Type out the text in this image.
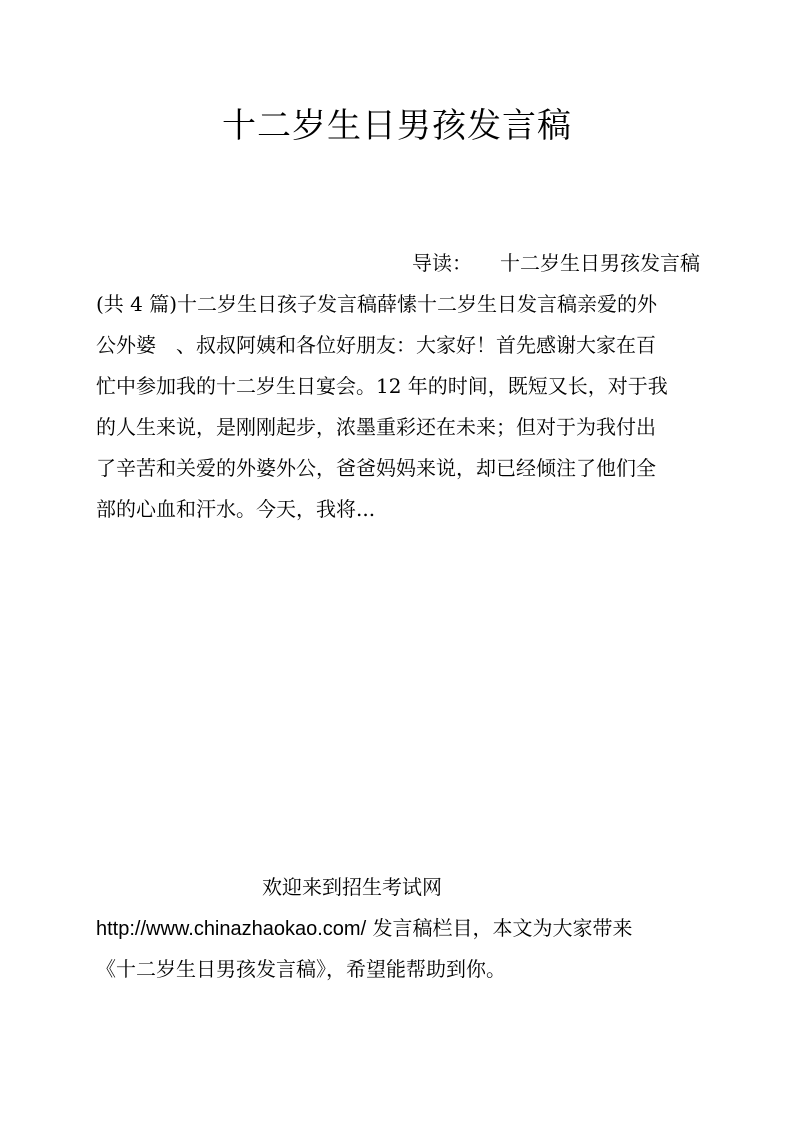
十二岁生日男孩发言稿
导读： 十二岁生日男孩发言稿
(共 4 篇)十二岁生日孩子发言稿薛愫十二岁生日发言稿亲爱的外
公外婆　、叔叔阿姨和各位好朋友：大家好！首先感谢大家在百
忙中参加我的十二岁生日宴会。12 年的时间，既短又长，对于我
的人生来说，是刚刚起步，浓墨重彩还在未来；但对于为我付出
了辛苦和关爱的外婆外公，爸爸妈妈来说，却已经倾注了他们全
部的心血和汗水。今天，我将...
欢迎来到招生考试网
http://www.chinazhaokao.com/ 发言稿栏目，本文为大家带来
《十二岁生日男孩发言稿》，希望能帮助到你。
